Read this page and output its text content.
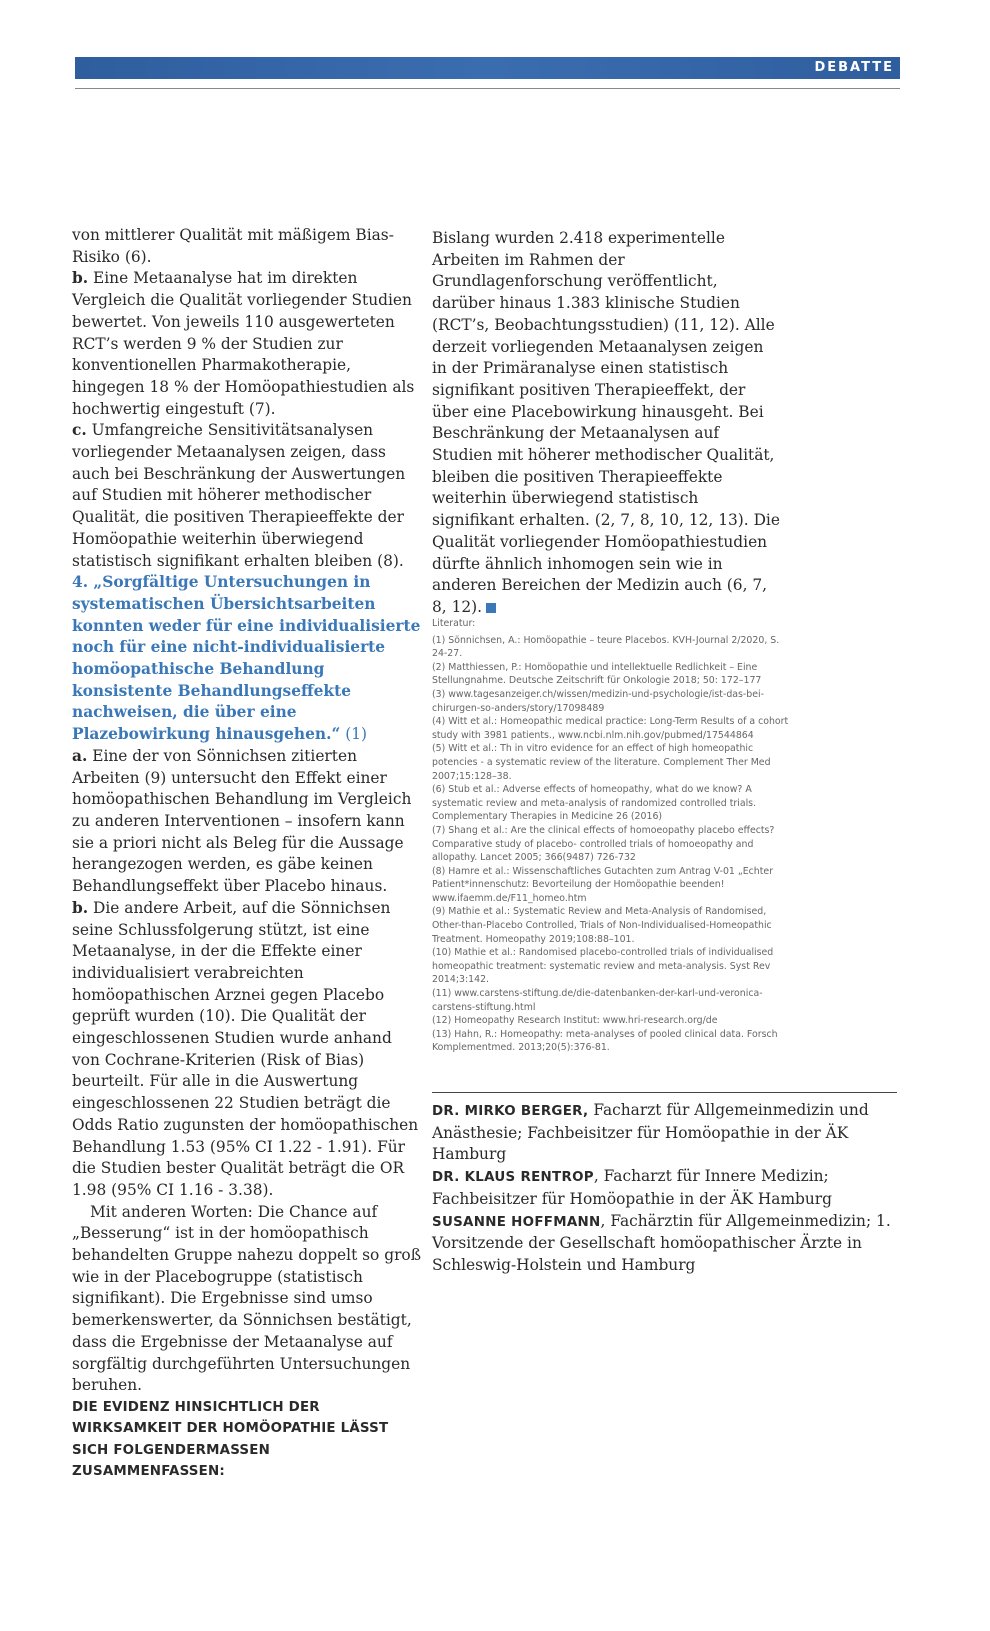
DEBATTE

von mittlerer Qualität mit mäßigem Bias-Risiko (6).

b. Eine Metaanalyse hat im direkten Vergleich die Qualität vorliegender Studien bewertet. Von jeweils 110 ausgewerteten RCT’s werden 9 % der Studien zur konventionellen Pharmakotherapie, hingegen 18 % der Homöopathiestudien als hochwertig eingestuft (7).

c. Umfangreiche Sensitivitätsanalysen vorliegender Metaanalysen zeigen, dass auch bei Beschränkung der Auswertungen auf Studien mit höherer methodischer Qualität, die positiven Therapieeffekte der Homöopathie weiterhin überwiegend statistisch signifikant erhalten bleiben (8).

4. „Sorgfältige Untersuchungen in systematischen Übersichtsarbeiten konnten weder für eine individualisierte noch für eine nicht-individualisierte homöopathische Behandlung konsistente Behandlungseffekte nachweisen, die über eine Plazebowirkung hinausgehen.“ (1)

a. Eine der von Sönnichsen zitierten Arbeiten (9) untersucht den Effekt einer homöopathischen Behandlung im Vergleich zu anderen Interventionen – insofern kann sie a priori nicht als Beleg für die Aussage herangezogen werden, es gäbe keinen Behandlungseffekt über Placebo hinaus.

b. Die andere Arbeit, auf die Sönnichsen seine Schlussfolgerung stützt, ist eine Metaanalyse, in der die Effekte einer individualisiert verabreichten homöopathischen Arznei gegen Placebo geprüft wurden (10). Die Qualität der eingeschlossenen Studien wurde anhand von Cochrane-Kriterien (Risk of Bias) beurteilt. Für alle in die Auswertung eingeschlossenen 22 Studien beträgt die Odds Ratio zugunsten der homöopathischen Behandlung 1.53 (95% CI 1.22 - 1.91). Für die Studien bester Qualität beträgt die OR 1.98 (95% CI 1.16 - 3.38).

Mit anderen Worten: Die Chance auf „Besserung“ ist in der homöopathisch behandelten Gruppe nahezu doppelt so groß wie in der Placebogruppe (statistisch signifikant). Die Ergebnisse sind umso bemerkenswerter, da Sönnichsen bestätigt, dass die Ergebnisse der Metaanalyse auf sorgfältig durchgeführten Untersuchungen beruhen.

DIE EVIDENZ HINSICHTLICH DER WIRKSAMKEIT DER HOMÖOPATHIE LÄSST SICH FOLGENDERMASSEN ZUSAMMENFASSEN:

Bislang wurden 2.418 experimentelle Arbeiten im Rahmen der Grundlagenforschung veröffentlicht, darüber hinaus 1.383 klinische Studien (RCT’s, Beobachtungsstudien) (11, 12). Alle derzeit vorliegenden Metaanalysen zeigen in der Primäranalyse einen statistisch signifikant positiven Therapieeffekt, der über eine Placebowirkung hinausgeht. Bei Beschränkung der Metaanalysen auf Studien mit höherer methodischer Qualität, bleiben die positiven Therapieeffekte weiterhin überwiegend statistisch signifikant erhalten. (2, 7, 8, 10, 12, 13). Die Qualität vorliegender Homöopathiestudien dürfte ähnlich inhomogen sein wie in anderen Bereichen der Medizin auch (6, 7, 8, 12).

Literatur:

(1) Sönnichsen, A.: Homöopathie – teure Placebos. KVH-Journal 2/2020, S. 24-27.

(2) Matthiessen, P.: Homöopathie und intellektuelle Redlichkeit – Eine Stellungnahme. Deutsche Zeitschrift für Onkologie 2018; 50: 172–177

(3) www.tagesanzeiger.ch/wissen/medizin-und-psychologie/ist-das-bei-chirurgen-so-anders/story/17098489

(4) Witt et al.: Homeopathic medical practice: Long-Term Results of a cohort study with 3981 patients., www.ncbi.nlm.nih.gov/pubmed/17544864

(5) Witt et al.: Th in vitro evidence for an effect of high homeopathic potencies - a systematic review of the literature. Complement Ther Med 2007;15:128–38.

(6) Stub et al.: Adverse effects of homeopathy, what do we know? A systematic review and meta-analysis of randomized controlled trials. Complementary Therapies in Medicine 26 (2016)

(7) Shang et al.: Are the clinical effects of homoeopathy placebo effects? Comparative study of placebo- controlled trials of homoeopathy and allopathy. Lancet 2005; 366(9487) 726-732

(8) Hamre et al.: Wissenschaftliches Gutachten zum Antrag V-01 „Echter Patient*innenschutz: Bevorteilung der Homöopathie beenden! www.ifaemm.de/F11_homeo.htm

(9) Mathie et al.: Systematic Review and Meta-Analysis of Randomised, Other-than-Placebo Controlled, Trials of Non-Individualised-Homeopathic Treatment. Homeopathy 2019;108:88–101.

(10) Mathie et al.: Randomised placebo-controlled trials of individualised homeopathic treatment: systematic review and meta-analysis. Syst Rev 2014;3:142.

(11) www.carstens-stiftung.de/die-datenbanken-der-karl-und-veronica-carstens-stiftung.html

(12) Homeopathy Research Institut: www.hri-research.org/de

(13) Hahn, R.: Homeopathy: meta-analyses of pooled clinical data. Forsch Komplementmed. 2013;20(5):376-81.

DR. MIRKO BERGER, Facharzt für Allgemeinmedizin und Anästhesie; Fachbeisitzer für Homöopathie in der ÄK Hamburg

DR. KLAUS RENTROP, Facharzt für Innere Medizin; Fachbeisitzer für Homöopathie in der ÄK Hamburg

SUSANNE HOFFMANN, Fachärztin für Allgemeinmedizin; 1. Vorsitzende der Gesellschaft homöopathischer Ärzte in Schleswig-Holstein und Hamburg
